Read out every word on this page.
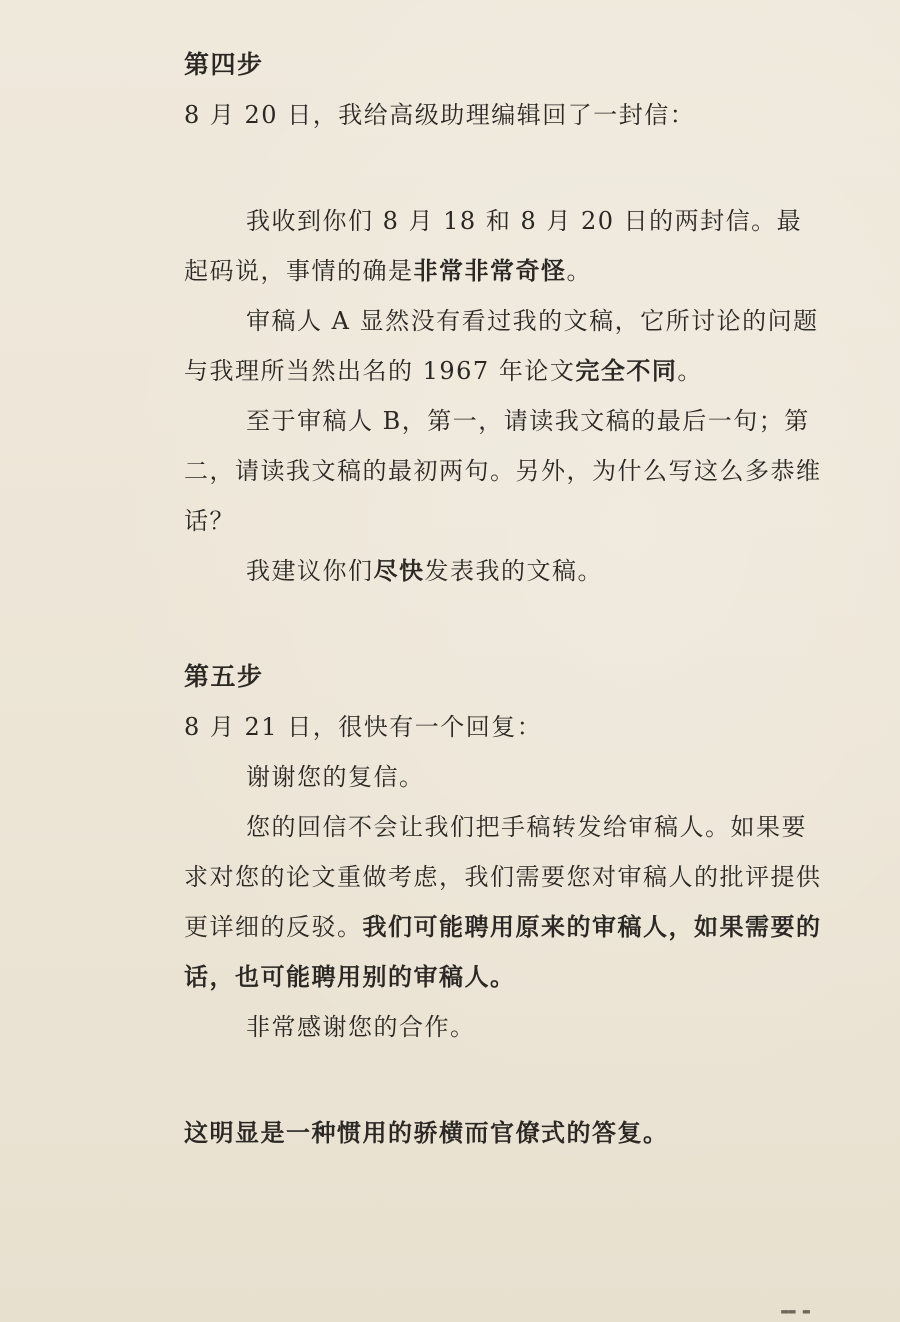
第四步

8 月 20 日，我给高级助理编辑回了一封信：

我收到你们 8 月 18 和 8 月 20 日的两封信。最起码说，事情的确是非常非常奇怪。

审稿人 A 显然没有看过我的文稿，它所讨论的问题与我理所当然出名的 1967 年论文完全不同。

至于审稿人 B，第一，请读我文稿的最后一句；第二，请读我文稿的最初两句。另外，为什么写这么多恭维话？

我建议你们尽快发表我的文稿。

第五步

8 月 21 日，很快有一个回复：

谢谢您的复信。

您的回信不会让我们把手稿转发给审稿人。如果要求对您的论文重做考虑，我们需要您对审稿人的批评提供更详细的反驳。我们可能聘用原来的审稿人，如果需要的话，也可能聘用别的审稿人。

非常感谢您的合作。

这明显是一种惯用的骄横而官僚式的答复。

▬▬ ▬
